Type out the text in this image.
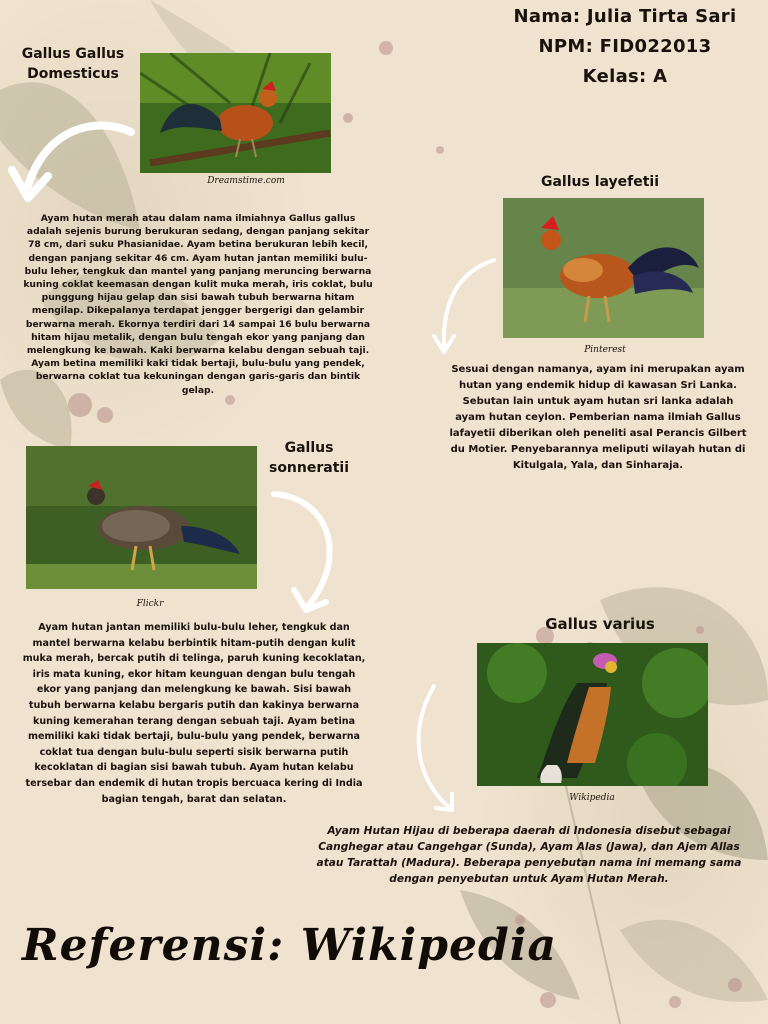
Nama: Julia Tirta Sari
NPM: FID022013
Kelas: A
Gallus Gallus
Domesticus
Dreamstime.com
Ayam hutan merah atau dalam nama ilmiahnya Gallus gallus adalah sejenis burung berukuran sedang, dengan panjang sekitar 78 cm, dari suku Phasianidae. Ayam betina berukuran lebih kecil, dengan panjang sekitar 46 cm. Ayam hutan jantan memiliki bulu-bulu leher, tengkuk dan mantel yang panjang meruncing berwarna kuning coklat keemasan dengan kulit muka merah, iris coklat, bulu punggung hijau gelap dan sisi bawah tubuh berwarna hitam mengilap. Dikepalanya terdapat jengger bergerigi dan gelambir berwarna merah. Ekornya terdiri dari 14 sampai 16 bulu berwarna hitam hijau metalik, dengan bulu tengah ekor yang panjang dan melengkung ke bawah. Kaki berwarna kelabu dengan sebuah taji. Ayam betina memiliki kaki tidak bertaji, bulu-bulu yang pendek, berwarna coklat tua kekuningan dengan garis-garis dan bintik gelap.
Gallus layefetii
Pinterest
Sesuai dengan namanya, ayam ini merupakan ayam hutan yang endemik hidup di kawasan Sri Lanka. Sebutan lain untuk ayam hutan sri lanka adalah ayam hutan ceylon. Pemberian nama ilmiah Gallus lafayetii diberikan oleh peneliti asal Perancis Gilbert du Motier. Penyebarannya meliputi wilayah hutan di Kitulgala, Yala, dan Sinharaja.
Gallus
sonneratii
Flickr
Ayam hutan jantan memiliki bulu-bulu leher, tengkuk dan mantel berwarna kelabu berbintik hitam-putih dengan kulit muka merah, bercak putih di telinga, paruh kuning kecoklatan, iris mata kuning, ekor hitam keunguan dengan bulu tengah ekor yang panjang dan melengkung ke bawah. Sisi bawah tubuh berwarna kelabu bergaris putih dan kakinya berwarna kuning kemerahan terang dengan sebuah taji. Ayam betina memiliki kaki tidak bertaji, bulu-bulu yang pendek, berwarna coklat tua dengan bulu-bulu seperti sisik berwarna putih kecoklatan di bagian sisi bawah tubuh. Ayam hutan kelabu tersebar dan endemik di hutan tropis bercuaca kering di India bagian tengah, barat dan selatan.
Gallus varius
Wikipedia
Ayam Hutan Hijau di beberapa daerah di Indonesia disebut sebagai Canghegar atau Cangehgar (Sunda), Ayam Alas (Jawa), dan Ajem Allas atau Tarattah (Madura). Beberapa penyebutan nama ini memang sama dengan penyebutan untuk Ayam Hutan Merah.
Referensi: Wikipedia
